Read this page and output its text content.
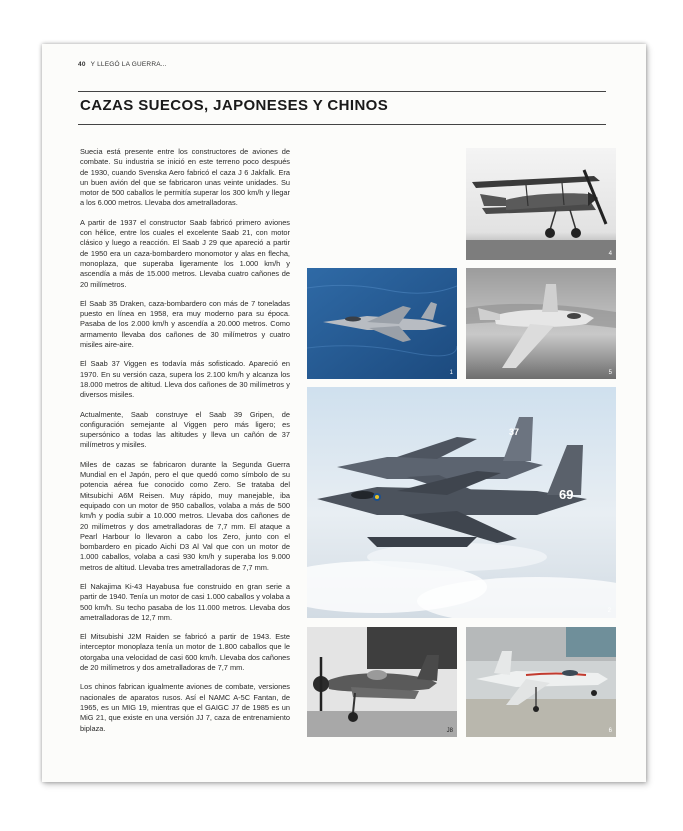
40 Y LLEGÓ LA GUERRA...
CAZAS SUECOS, JAPONESES Y CHINOS

Suecia está presente entre los constructores de aviones de combate. Su industria se inició en este terreno poco después de 1930, cuando Svenska Aero fabricó el caza J 6 Jakfalk. Era un buen avión del que se fabricaron unas veinte unidades. Su motor de 500 caballos le permitía superar los 300 km/h y llegar a los 6.000 metros. Llevaba dos ametralladoras.

A partir de 1937 el constructor Saab fabricó primero aviones con hélice, entre los cuales el excelente Saab 21, con motor clásico y luego a reacción. El Saab J 29 que apareció a partir de 1950 era un caza-bombardero monomotor y alas en flecha, monoplaza, que superaba ligeramente los 1.000 km/h y ascendía a más de 15.000 metros. Llevaba cuatro cañones de 20 milímetros.

El Saab 35 Draken, caza-bombardero con más de 7 toneladas puesto en línea en 1958, era muy moderno para su época. Pasaba de los 2.000 km/h y ascendía a 20.000 metros. Como armamento llevaba dos cañones de 30 milímetros y cuatro misiles aire-aire.

El Saab 37 Viggen es todavía más sofisticado. Apareció en 1970. En su versión caza, supera los 2.100 km/h y alcanza los 18.000 metros de altitud. Lleva dos cañones de 30 milímetros y diversos misiles.

Actualmente, Saab construye el Saab 39 Gripen, de configuración semejante al Viggen pero más ligero; es supersónico a todas las altitudes y lleva un cañón de 37 milímetros y misiles.

Miles de cazas se fabricaron durante la Segunda Guerra Mundial en el Japón, pero el que quedó como símbolo de su potencia aérea fue conocido como Zero. Se trataba del Mitsubichi A6M Reisen. Muy rápido, muy manejable, iba equipado con un motor de 950 caballos, volaba a más de 500 km/h y podía subir a 10.000 metros. Llevaba dos cañones de 20 milímetros y dos ametralladoras de 7,7 mm. El ataque a Pearl Harbour lo llevaron a cabo los Zero, junto con el bombardero en picado Aichi D3 Al Val que con un motor de 1.000 caballos, volaba a casi 930 km/h y superaba los 9.000 metros de altitud. Llevaba tres ametralladoras de 7,7 mm.

El Nakajima Ki-43 Hayabusa fue construido en gran serie a partir de 1940. Tenía un motor de casi 1.000 caballos y volaba a 500 km/h. Su techo pasaba de los 11.000 metros. Llevaba dos ametralladoras de 12,7 mm.

El Mitsubishi J2M Raiden se fabricó a partir de 1943. Este interceptor monoplaza tenía un motor de 1.800 caballos que le otorgaba una velocidad de casi 600 km/h. Llevaba dos cañones de 20 milímetros y dos ametralladoras de 7,7 mm.

Los chinos fabrican igualmente aviones de combate, versiones nacionales de aparatos rusos. Así el NAMC A-5C Fantan, de 1965, es un MIG 19, mientras que el GAIGC J7 de 1985 es un MiG 21, que existe en una versión JJ 7, caza de entrenamiento biplaza.

4
1	5
69
37
2
J8	6
